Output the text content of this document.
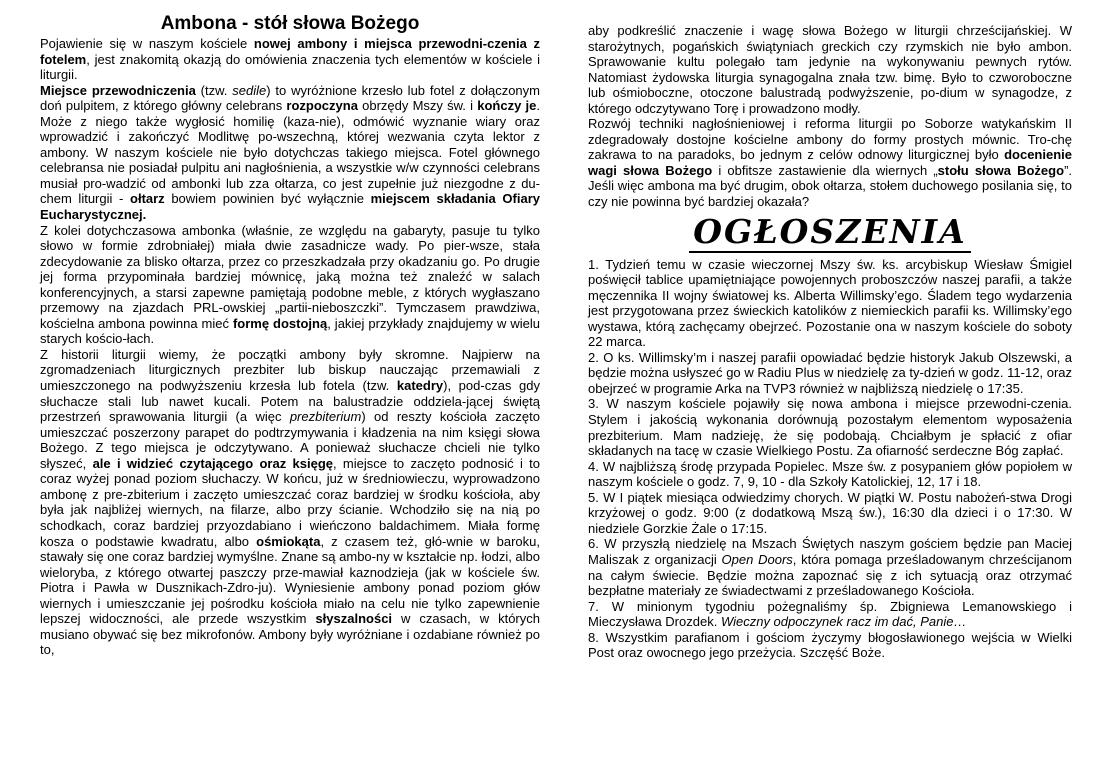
Ambona - stół słowa Bożego

Pojawienie się w naszym kościele nowej ambony i miejsca przewodni-czenia z fotelem, jest znakomitą okazją do omówienia znaczenia tych elementów w kościele i liturgii.

Miejsce przewodniczenia (tzw. sedile) to wyróżnione krzesło lub fotel z dołączonym doń pulpitem, z którego główny celebrans rozpoczyna obrzędy Mszy św. i kończy je. Może z niego także wygłosić homilię (kaza-nie), odmówić wyznanie wiary oraz wprowadzić i zakończyć Modlitwę po-wszechną, której wezwania czyta lektor z ambony. W naszym kościele nie było dotychczas takiego miejsca. Fotel głównego celebransa nie posiadał pulpitu ani nagłośnienia, a wszystkie w/w czynności celebrans musiał pro-wadzić od ambonki lub zza ołtarza, co jest zupełnie już niezgodne z du-chem liturgii - ołtarz bowiem powinien być wyłącznie miejscem składania Ofiary Eucharystycznej.

Z kolei dotychczasowa ambonka (właśnie, ze względu na gabaryty, pasuje tu tylko słowo w formie zdrobniałej) miała dwie zasadnicze wady. Po pier-wsze, stała zdecydowanie za blisko ołtarza, przez co przeszkadzała przy okadzaniu go. Po drugie jej forma przypominała bardziej mównicę, jaką można też znaleźć w salach konferencyjnych, a starsi zapewne pamiętają podobne meble, z których wygłaszano przemowy na zjazdach PRL-owskiej „partii-nieboszczki”. Tymczasem prawdziwa, kościelna ambona powinna mieć formę dostojną, jakiej przykłady znajdujemy w wielu starych kościo-łach.

Z historii liturgii wiemy, że początki ambony były skromne. Najpierw na zgromadzeniach liturgicznych prezbiter lub biskup nauczając przemawiali z umieszczonego na podwyższeniu krzesła lub fotela (tzw. katedry), pod-czas gdy słuchacze stali lub nawet kucali. Potem na balustradzie oddziela-jącej świętą przestrzeń sprawowania liturgii (a więc prezbiterium) od reszty kościoła zaczęto umieszczać poszerzony parapet do podtrzymywania i kładzenia na nim księgi słowa Bożego. Z tego miejsca je odczytywano. A ponieważ słuchacze chcieli nie tylko słyszeć, ale i widzieć czytającego oraz księgę, miejsce to zaczęto podnosić i to coraz wyżej ponad poziom słuchaczy. W końcu, już w średniowieczu, wyprowadzono ambonę z pre-zbiterium i zaczęto umieszczać coraz bardziej w środku kościoła, aby była jak najbliżej wiernych, na filarze, albo przy ścianie. Wchodziło się na nią po schodkach, coraz bardziej przyozdabiano i wieńczono baldachimem. Miała formę kosza o podstawie kwadratu, albo ośmiokąta, z czasem też, głó-wnie w baroku, stawały się one coraz bardziej wymyślne. Znane są ambo-ny w kształcie np. łodzi, albo wieloryba, z którego otwartej paszczy prze-mawiał kaznodzieja (jak w kościele św. Piotra i Pawła w Dusznikach-Zdro-ju). Wyniesienie ambony ponad poziom głów wiernych i umieszczanie jej pośrodku kościoła miało na celu nie tylko zapewnienie lepszej widoczności, ale przede wszystkim słyszalności w czasach, w których musiano obywać się bez mikrofonów. Ambony były wyróżniane i ozdabiane również po to,

aby podkreślić znaczenie i wagę słowa Bożego w liturgii chrześcijańskiej. W starożytnych, pogańskich świątyniach greckich czy rzymskich nie było ambon. Sprawowanie kultu polegało tam jedynie na wykonywaniu pewnych rytów. Natomiast żydowska liturgia synagogalna znała tzw. bimę. Było to czworoboczne lub ośmioboczne, otoczone balustradą podwyższenie, po-dium w synagodze, z którego odczytywano Torę i prowadzono modły.

Rozwój techniki nagłośnieniowej i reforma liturgii po Soborze watykańskim II zdegradowały dostojne kościelne ambony do formy prostych mównic. Tro-chę zakrawa to na paradoks, bo jednym z celów odnowy liturgicznej było docenienie wagi słowa Bożego i obfitsze zastawienie dla wiernych „stołu słowa Bożego”. Jeśli więc ambona ma być drugim, obok ołtarza, stołem duchowego posilania się, to czy nie powinna być bardziej okazała?

OGŁOSZENIA

1. Tydzień temu w czasie wieczornej Mszy św. ks. arcybiskup Wiesław Śmigiel poświęcił tablice upamiętniające powojennych proboszczów naszej parafii, a także męczennika II wojny światowej ks. Alberta Willimsky’ego. Śladem tego wydarzenia jest przygotowana przez świeckich katolików z niemieckich parafii ks. Willimsky’ego wystawa, którą zachęcamy obejrzeć. Pozostanie ona w naszym kościele do soboty 22 marca.

2. O ks. Willimsky’m i naszej parafii opowiadać będzie historyk Jakub Olszewski, a będzie można usłyszeć go w Radiu Plus w niedzielę za ty-dzień w godz. 11-12, oraz obejrzeć w programie Arka na TVP3 również w najbliższą niedzielę o 17:35.

3. W naszym kościele pojawiły się nowa ambona i miejsce przewodni-czenia. Stylem i jakością wykonania dorównują pozostałym elementom wyposażenia prezbiterium. Mam nadzieję, że się podobają. Chciałbym je spłacić z ofiar składanych na tacę w czasie Wielkiego Postu. Za ofiarność serdeczne Bóg zapłać.

4. W najbliższą środę przypada Popielec. Msze św. z posypaniem głów popiołem w naszym kościele o godz. 7, 9, 10 - dla Szkoły Katolickiej, 12, 17 i 18.

5. W I piątek miesiąca odwiedzimy chorych. W piątki W. Postu nabożeń-stwa Drogi krzyżowej o godz. 9:00 (z dodatkową Mszą św.), 16:30 dla dzieci i o 17:30. W niedziele Gorzkie Żale o 17:15.

6. W przyszłą niedzielę na Mszach Świętych naszym gościem będzie pan Maciej Maliszak z organizacji Open Doors, która pomaga prześladowanym chrześcijanom na całym świecie. Będzie można zapoznać się z ich sytuacją oraz otrzymać bezpłatne materiały ze świadectwami z prześladowanego Kościoła.

7. W minionym tygodniu pożegnaliśmy śp. Zbigniewa Lemanowskiego i Mieczysława Drozdek. Wieczny odpoczynek racz im dać, Panie…

8. Wszystkim parafianom i gościom życzymy błogosławionego wejścia w Wielki Post oraz owocnego jego przeżycia. Szczęść Boże.
